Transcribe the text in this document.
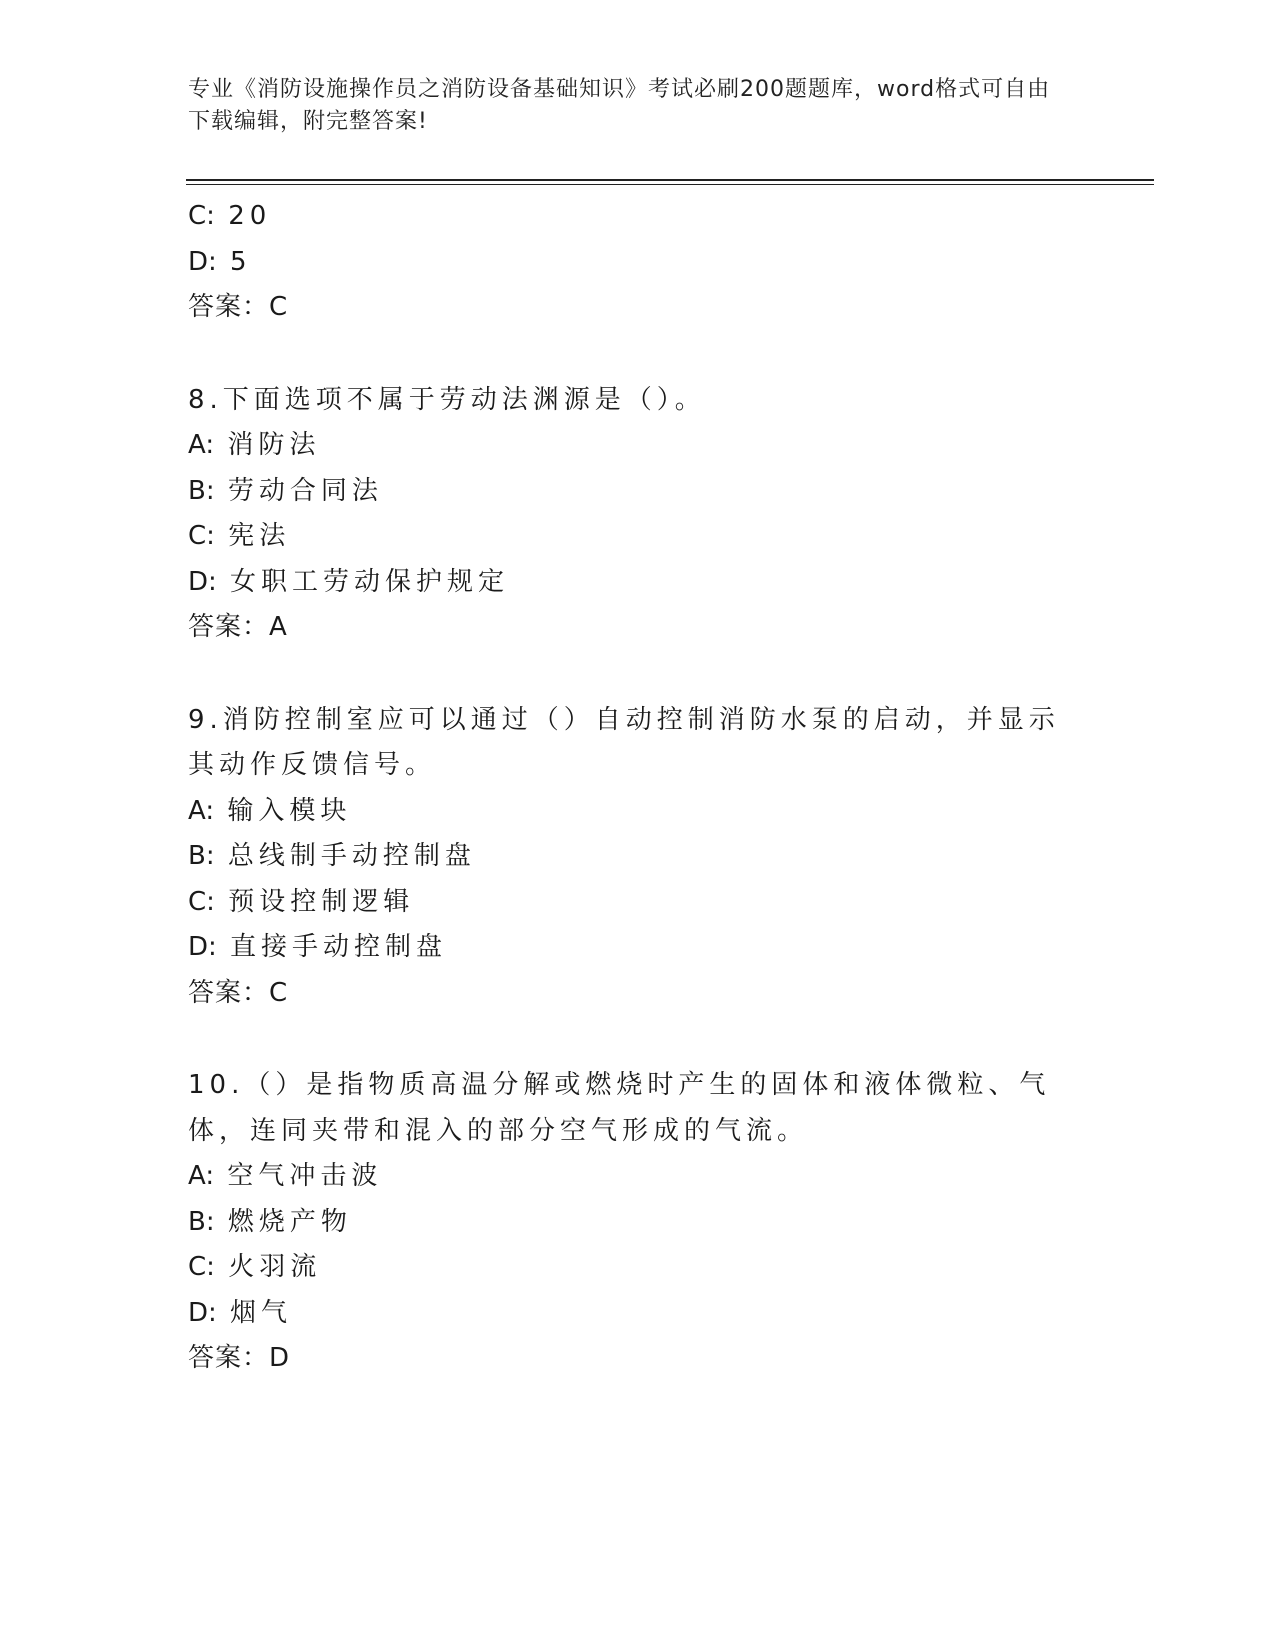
专业《消防设施操作员之消防设备基础知识》考试必刷200题题库，word格式可自由下载编辑，附完整答案!
C: 20
D: 5
答案：C
8.下面选项不属于劳动法渊源是（）。
A: 消防法
B: 劳动合同法
C: 宪法
D: 女职工劳动保护规定
答案：A
9.消防控制室应可以通过（）自动控制消防水泵的启动，并显示其动作反馈信号。
A: 输入模块
B: 总线制手动控制盘
C: 预设控制逻辑
D: 直接手动控制盘
答案：C
10.（）是指物质高温分解或燃烧时产生的固体和液体微粒、气体，连同夹带和混入的部分空气形成的气流。
A: 空气冲击波
B: 燃烧产物
C: 火羽流
D: 烟气
答案：D
